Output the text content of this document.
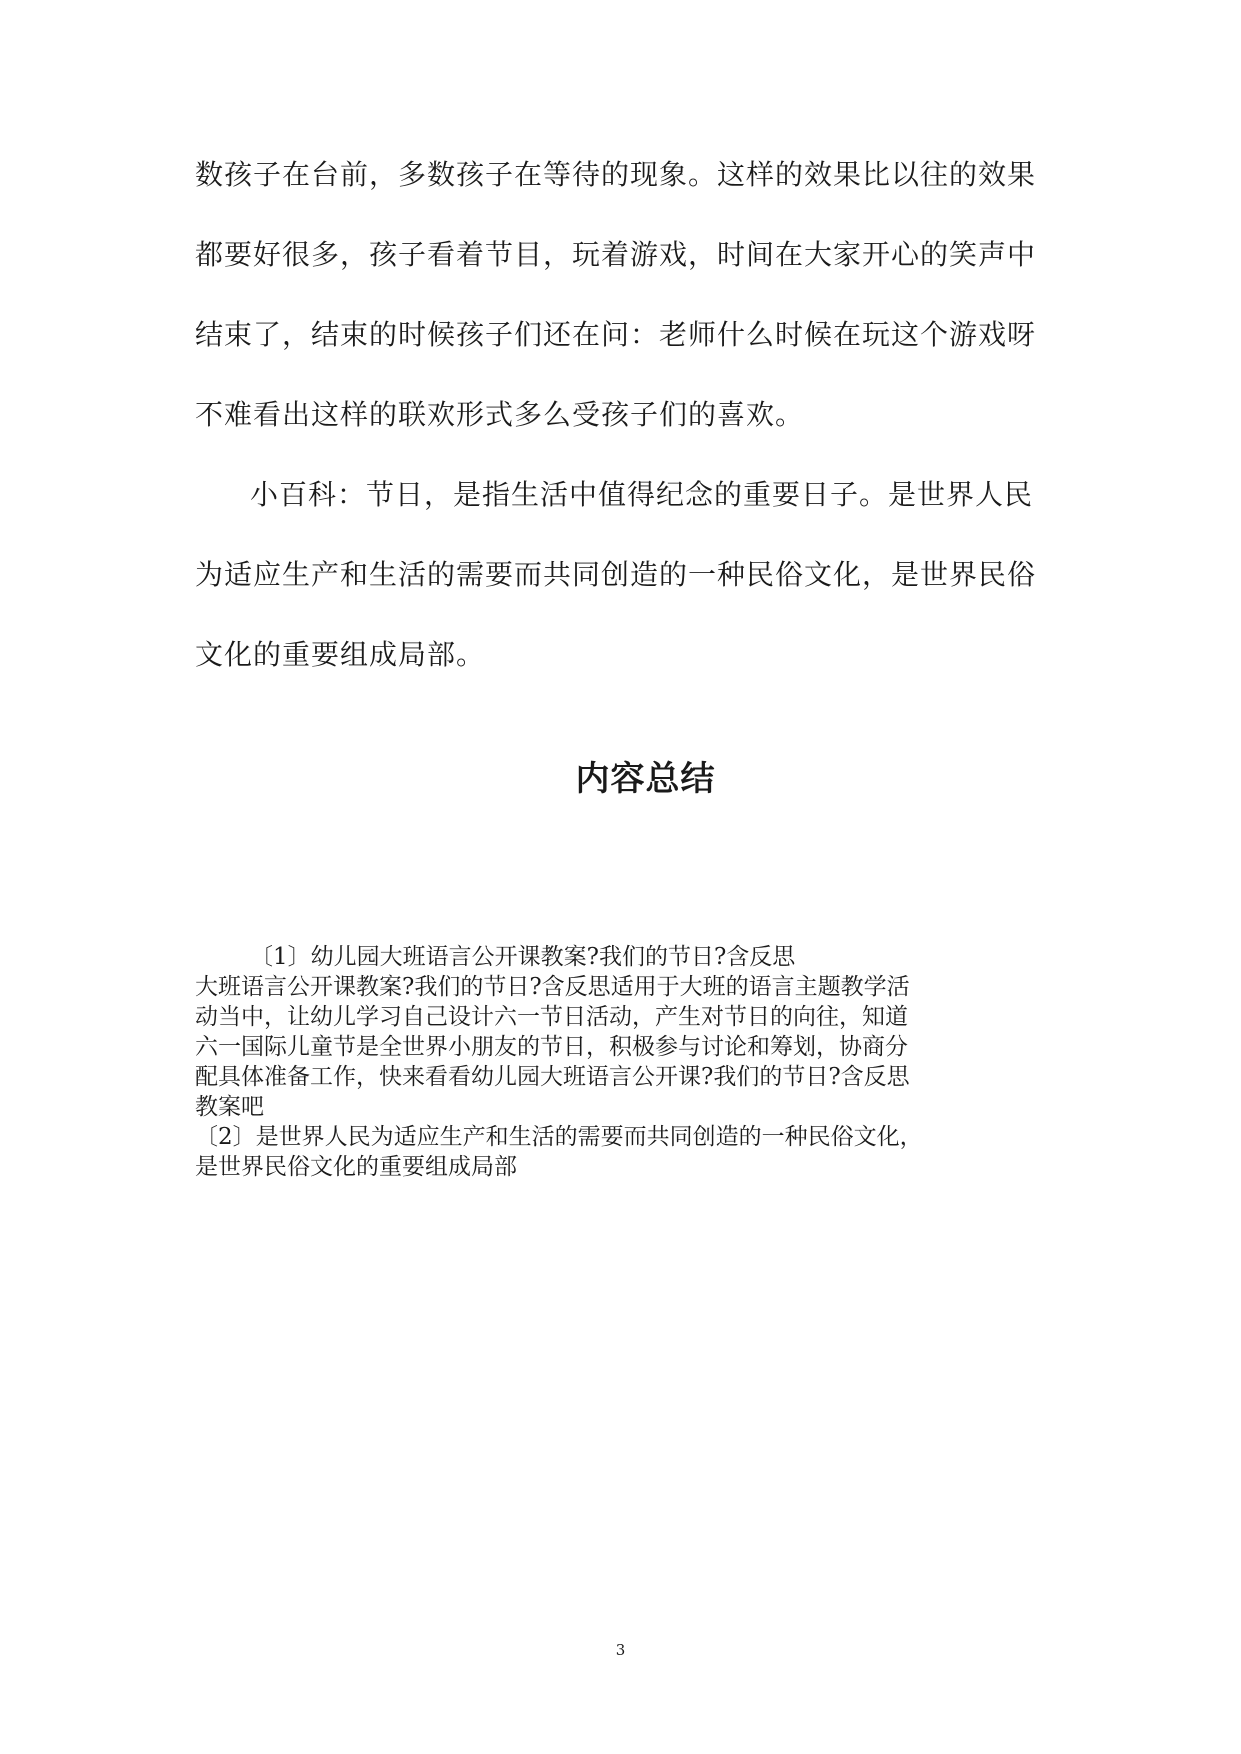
数孩子在台前，多数孩子在等待的现象。这样的效果比以往的效果
都要好很多，孩子看着节目，玩着游戏，时间在大家开心的笑声中
结束了，结束的时候孩子们还在问：老师什么时候在玩这个游戏呀
不难看出这样的联欢形式多么受孩子们的喜欢。
小百科：节日，是指生活中值得纪念的重要日子。是世界人民
为适应生产和生活的需要而共同创造的一种民俗文化，是世界民俗
文化的重要组成局部。
内容总结
〔1〕幼儿园大班语言公开课教案?我们的节日?含反思
大班语言公开课教案?我们的节日?含反思适用于大班的语言主题教学活
动当中，让幼儿学习自己设计六一节日活动，产生对节日的向往，知道
六一国际儿童节是全世界小朋友的节日，积极参与讨论和筹划，协商分
配具体准备工作，快来看看幼儿园大班语言公开课?我们的节日?含反思
教案吧
〔2〕是世界人民为适应生产和生活的需要而共同创造的一种民俗文化，
是世界民俗文化的重要组成局部
3
